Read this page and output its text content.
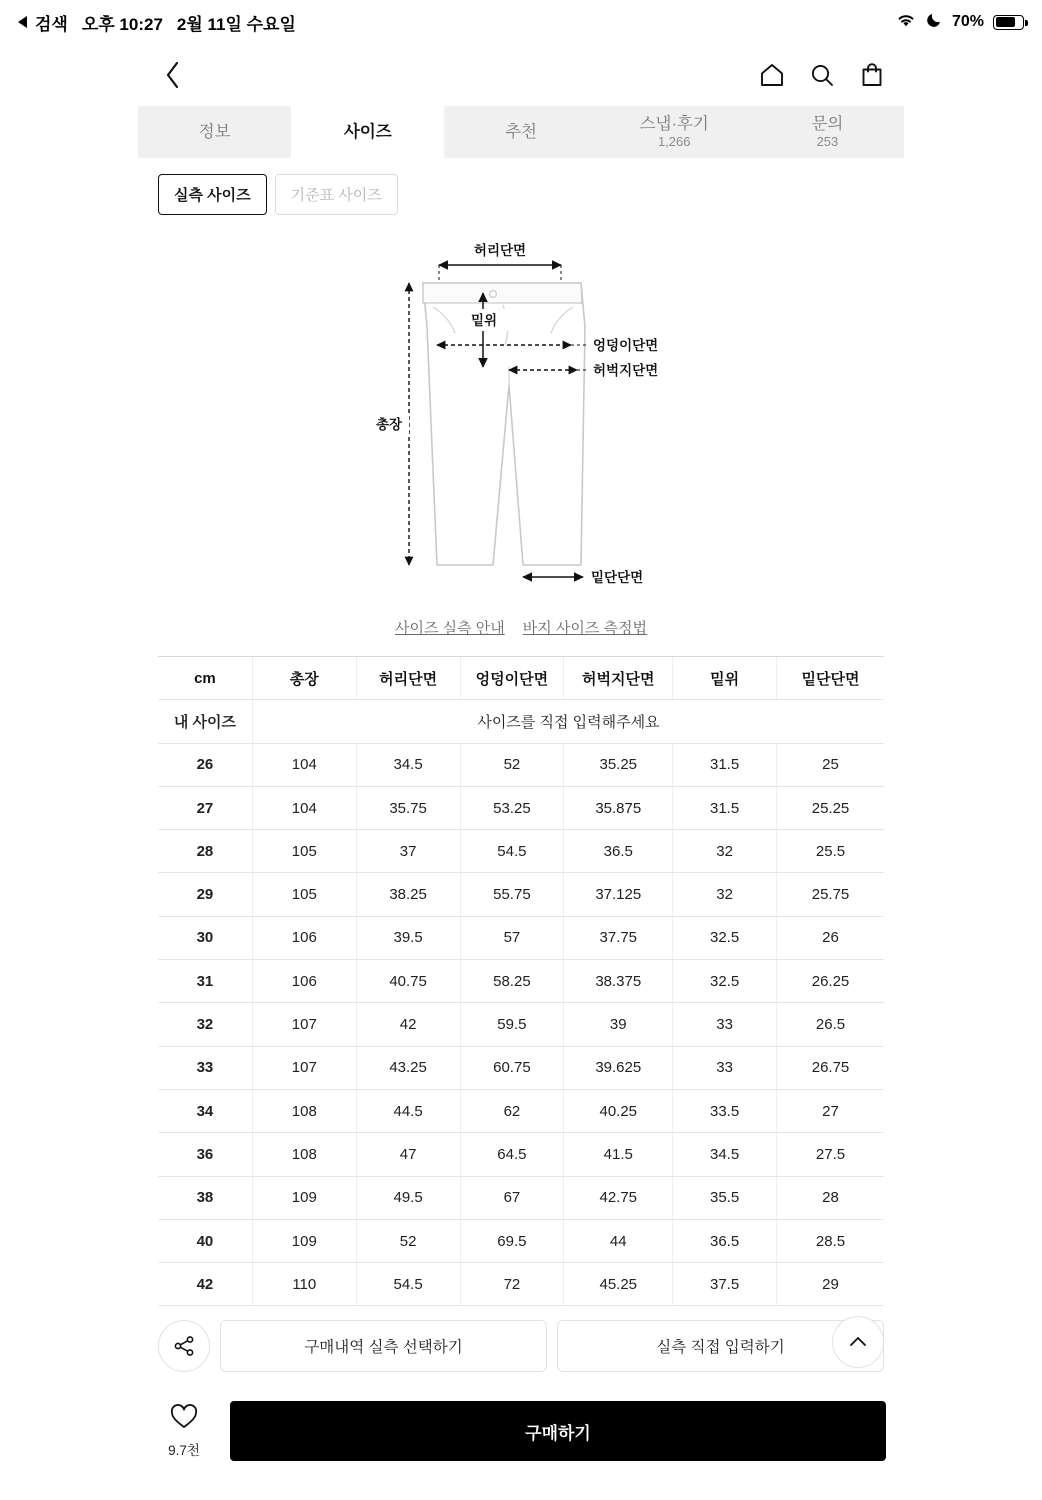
검색 오후 10:27 2월 11일 수요일	70%
정보	사이즈	추천	스냅·후기
1,266
문의
253
실측 사이즈	기준표 사이즈
허리단면
밑위
엉덩이단면
허벅지단면
총장
밑단단면
사이즈 실측 안내 바지 사이즈 측정법
cm	총장	허리단면	엉덩이단면	허벅지단면	밑위	밑단단면
내 사이즈	사이즈를 직접 입력해주세요					
26	104	34.5	52	35.25	31.5	25
27	104	35.75	53.25	35.875	31.5	25.25
28	105	37	54.5	36.5	32	25.5
29	105	38.25	55.75	37.125	32	25.75
30	106	39.5	57	37.75	32.5	26
31	106	40.75	58.25	38.375	32.5	26.25
32	107	42	59.5	39	33	26.5
33	107	43.25	60.75	39.625	33	26.75
34	108	44.5	62	40.25	33.5	27
36	108	47	64.5	41.5	34.5	27.5
38	109	49.5	67	42.75	35.5	28
40	109	52	69.5	44	36.5	28.5
42	110	54.5	72	45.25	37.5	29
구매내역 실측 선택하기	실측 직접 입력하기
9.7천
구매하기
